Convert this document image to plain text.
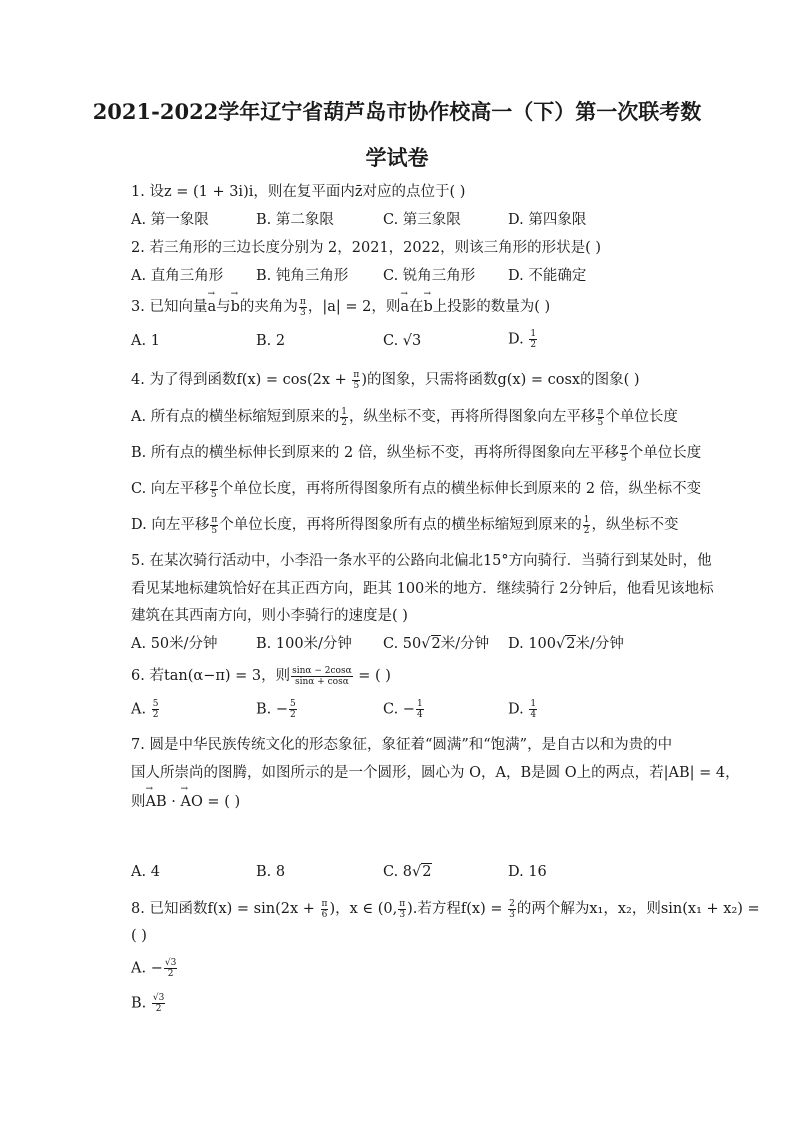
2021-2022学年辽宁省葫芦岛市协作校高一（下）第一次联考数
学试卷
1. 设z = (1 + 3i)i，则在复平面内z̄对应的点位于( )
A. 第一象限	B. 第二象限	C. 第三象限	D. 第四象限
2. 若三角形的三边长度分别为 2，2021，2022，则该三角形的形状是( )
A. 直角三角形 B. 钝角三角形 C. 锐角三角形 D. 不能确定
3. 已知向量→ a与→ b的夹角为 $\frac{\pi}{3}$ ，|a| = 2，则→ a在→ b上投影的数量为( )
A. 1	B. 2	C. √3	D. $\frac{1}{2}$
4. 为了得到函数$f(x) = \cos(2x + \frac{\pi}{5}$ )的图象，只需将函数g(x) = cosx的图象( )
A. 所有点的横坐标缩短到原来的 $\frac{1}{2}$ ，纵坐标不变，再将所得图象向左平移 $\frac{\pi}{5}$ 个单位长度
B. 所有点的横坐标伸长到原来的 2 倍，纵坐标不变，再将所得图象向左平移 $\frac{\pi}{5}$ 个单位长度
C. 向左平移 $\frac{\pi}{5}$ 个单位长度，再将所得图象所有点的横坐标伸长到原来的 2 倍，纵坐标不变
D. 向左平移 $\frac{\pi}{5}$ 个单位长度，再将所得图象所有点的横坐标缩短到原来的 $\frac{1}{2}$ ，纵坐标不变
5. 在某次骑行活动中，小李沿一条水平的公路向北偏北15°方向骑行．当骑行到某处时，他
看见某地标建筑恰好在其正西方向，距其 100米的地方．继续骑行 2分钟后，他看见该地标
建筑在其西南方向，则小李骑行的速度是( )
A. 50米/分钟	B. 100米/分钟 C. 50√2米/分钟 D. 100√2米/分钟
6. 若tan(α−π) = 3，则 $\frac{\sin\alpha - 2\cos\alpha}{\sin\alpha + \cos\alpha}$ = ( )
A. $\frac{5}{2}$	B. − $\frac{5}{2}$	C. − $\frac{1}{4}$	D. $\frac{1}{4}$
7. 圆是中华民族传统文化的形态象征，象征着“圆满”和“饱满”，是自古以和为贵的中
国人所崇尚的图腾，如图所示的是一个圆形，圆心为 O，A，B是圆 O上的两点，若|AB| = 4，
则→ AB · → AO = ( )
A. 4	B. 8	C. 8√2	D. 16
8. 已知函数$f(x) = \sin(2x + \frac{\pi}{6}$ )，x ∈ (0, $\frac{\pi}{3}$ ).若方程$f(x) = \frac{2}{3}$ 的两个解为x₁，x₂，则sin(x₁ + x₂) =
( )
A. − $\frac{√3}{2}$
B. $\frac{√3}{2}$
